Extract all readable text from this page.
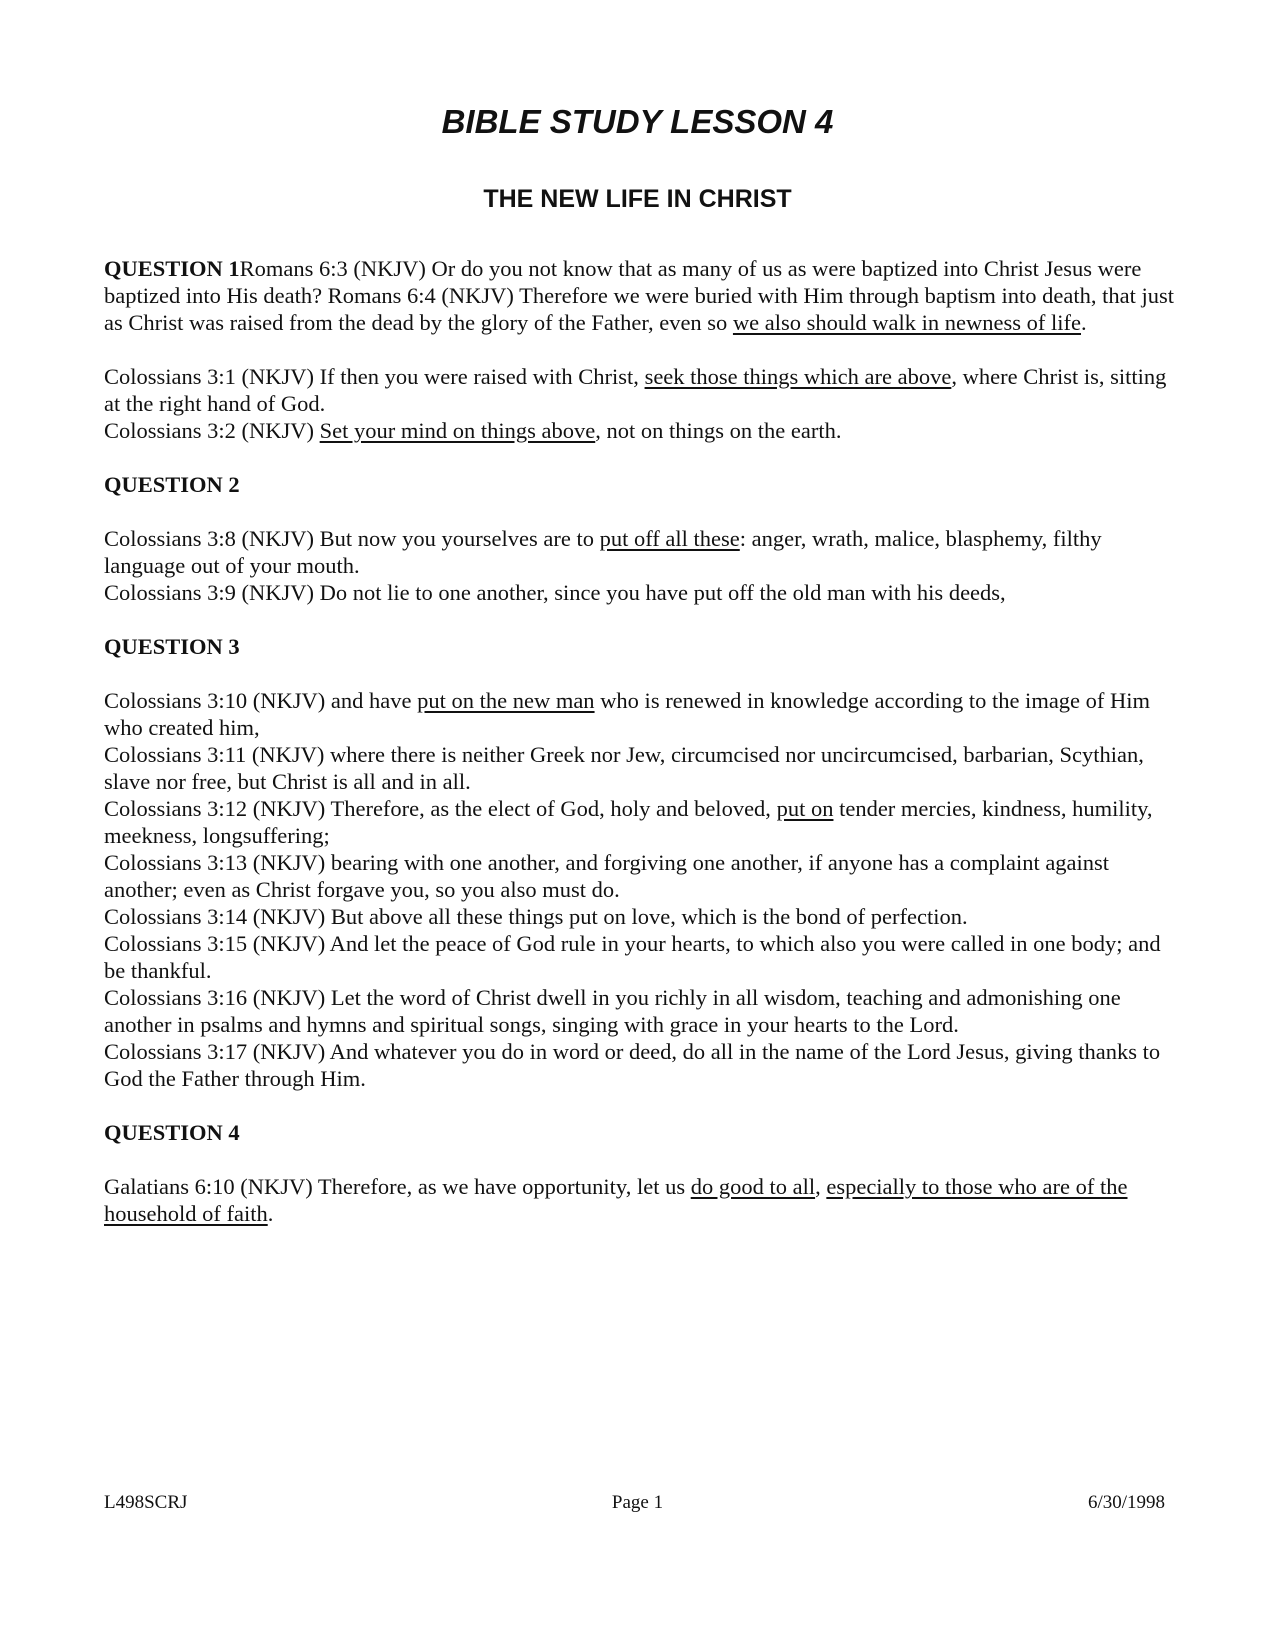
BIBLE STUDY LESSON 4
THE NEW LIFE IN CHRIST

QUESTION 1Romans 6:3 (NKJV) Or do you not know that as many of us as were baptized into Christ Jesus were baptized into His death? Romans 6:4 (NKJV) Therefore we were buried with Him through baptism into death, that just as Christ was raised from the dead by the glory of the Father, even so we also should walk in newness of life.

Colossians 3:1 (NKJV) If then you were raised with Christ, seek those things which are above, where Christ is, sitting at the right hand of God.

Colossians 3:2 (NKJV) Set your mind on things above, not on things on the earth.

QUESTION 2

Colossians 3:8 (NKJV) But now you yourselves are to put off all these: anger, wrath, malice, blasphemy, filthy language out of your mouth.

Colossians 3:9 (NKJV) Do not lie to one another, since you have put off the old man with his deeds,

QUESTION 3

Colossians 3:10 (NKJV) and have put on the new man who is renewed in knowledge according to the image of Him who created him,

Colossians 3:11 (NKJV) where there is neither Greek nor Jew, circumcised nor uncircumcised, barbarian, Scythian, slave nor free, but Christ is all and in all.

Colossians 3:12 (NKJV) Therefore, as the elect of God, holy and beloved, put on tender mercies, kindness, humility, meekness, longsuffering;

Colossians 3:13 (NKJV) bearing with one another, and forgiving one another, if anyone has a complaint against another; even as Christ forgave you, so you also must do.

Colossians 3:14 (NKJV) But above all these things put on love, which is the bond of perfection.

Colossians 3:15 (NKJV) And let the peace of God rule in your hearts, to which also you were called in one body; and be thankful.

Colossians 3:16 (NKJV) Let the word of Christ dwell in you richly in all wisdom, teaching and admonishing one another in psalms and hymns and spiritual songs, singing with grace in your hearts to the Lord.

Colossians 3:17 (NKJV) And whatever you do in word or deed, do all in the name of the Lord Jesus, giving thanks to God the Father through Him.

QUESTION 4

Galatians 6:10 (NKJV) Therefore, as we have opportunity, let us do good to all, especially to those who are of the household of faith.

L498SCRJ	Page 1	6/30/1998
